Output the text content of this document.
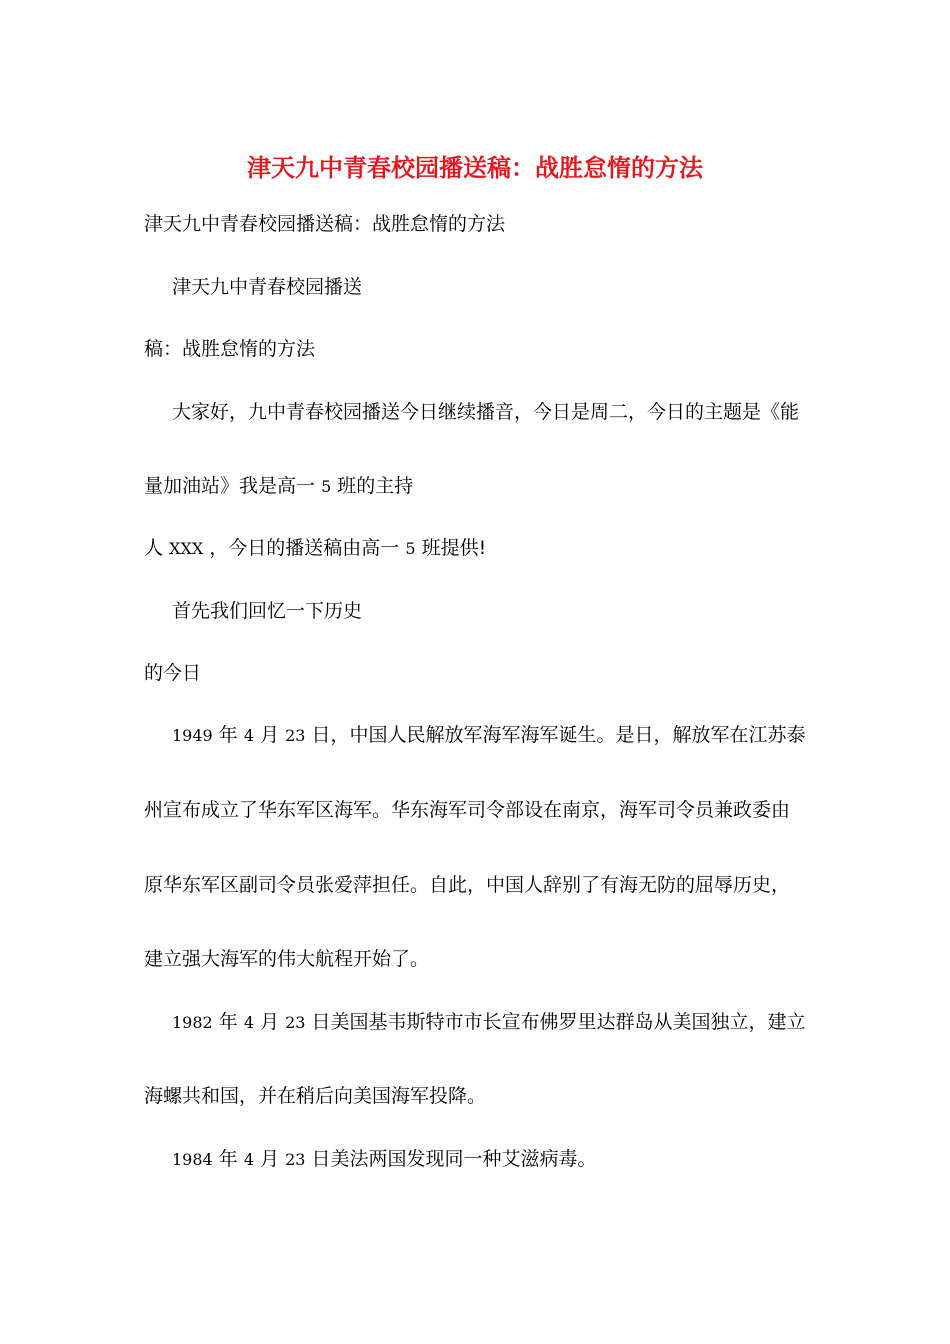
津天九中青春校园播送稿：战胜怠惰的方法
津天九中青春校园播送稿：战胜怠惰的方法
津天九中青春校园播送
稿：战胜怠惰的方法
大家好，九中青春校园播送今日继续播音，今日是周二，今日的主题是《能
量加油站》我是高一 5 班的主持
人 XXX ，今日的播送稿由高一 5 班提供!
首先我们回忆一下历史
的今日
1949 年 4 月 23 日，中国人民解放军海军海军诞生。是日，解放军在江苏泰
州宣布成立了华东军区海军。华东海军司令部设在南京，海军司令员兼政委由
原华东军区副司令员张爱萍担任。自此，中国人辞别了有海无防的屈辱历史，
建立强大海军的伟大航程开始了。
1982 年 4 月 23 日美国基韦斯特市市长宣布佛罗里达群岛从美国独立，建立
海螺共和国，并在稍后向美国海军投降。
1984 年 4 月 23 日美法两国发现同一种艾滋病毒。
